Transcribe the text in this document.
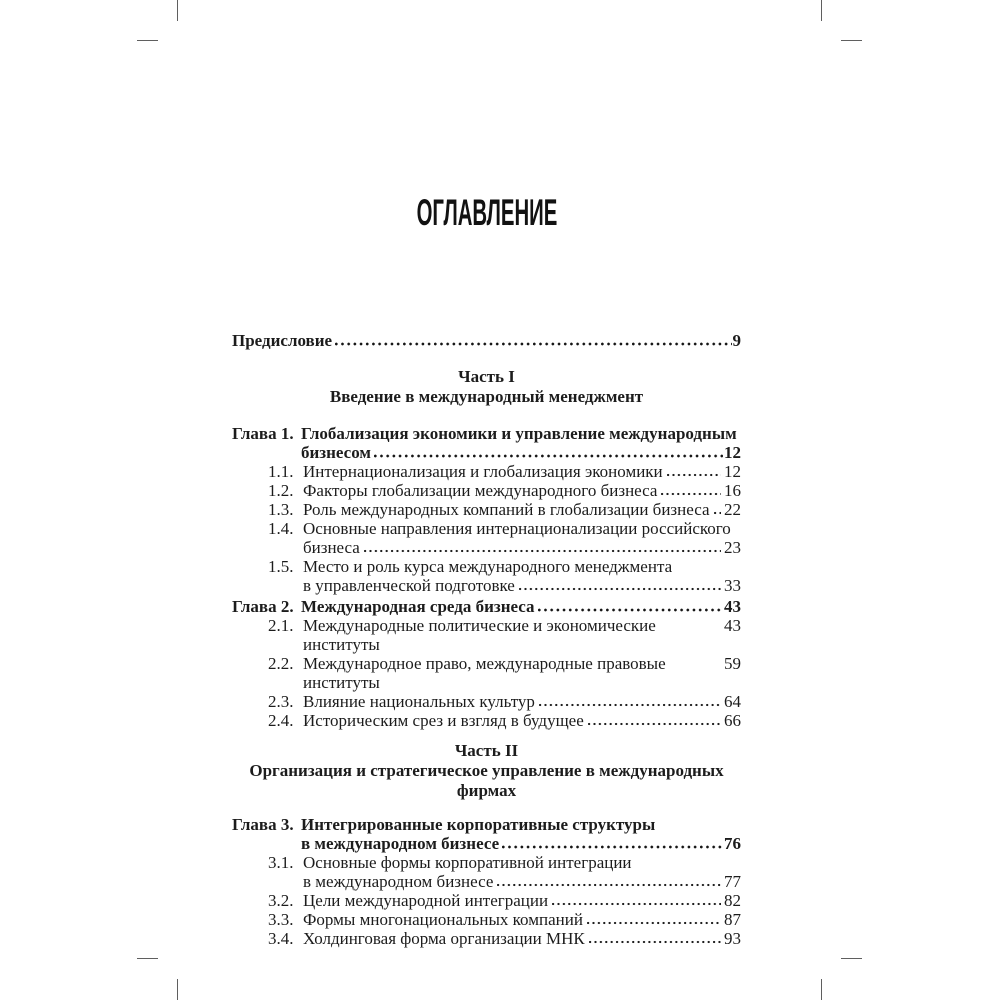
ОГЛАВЛЕНИЕ
Предисловие	9
Часть I
Введение в международный менеджмент
Глава 1. Глобализация экономики и управление международным
бизнесом	12
1.1. Интернационализация и глобализация экономики	12
1.2. Факторы глобализации международного бизнеса	16
1.3. Роль международных компаний в глобализации бизнеса 22
1.4. Основные направления интернационализации российского
бизнеса	23
1.5. Место и роль курса международного менеджмента
в управленческой подготовке	33
Глава 2. Международная среда бизнеса	43
2.1. Международные политические и экономические институты
43
2.2. Международное право, международные правовые институты
59
2.3. Влияние национальных культур	64
2.4. Историческим срез и взгляд в будущее	66
Часть II
Организация и стратегическое управление в международных фирмах
Глава 3. Интегрированные корпоративные структуры
в международном бизнесе	76
3.1. Основные формы корпоративной интеграции
в международном бизнесе	77
3.2. Цели международной интеграции	82
3.3. Формы многонациональных компаний	87
3.4. Холдинговая форма организации МНК	93
